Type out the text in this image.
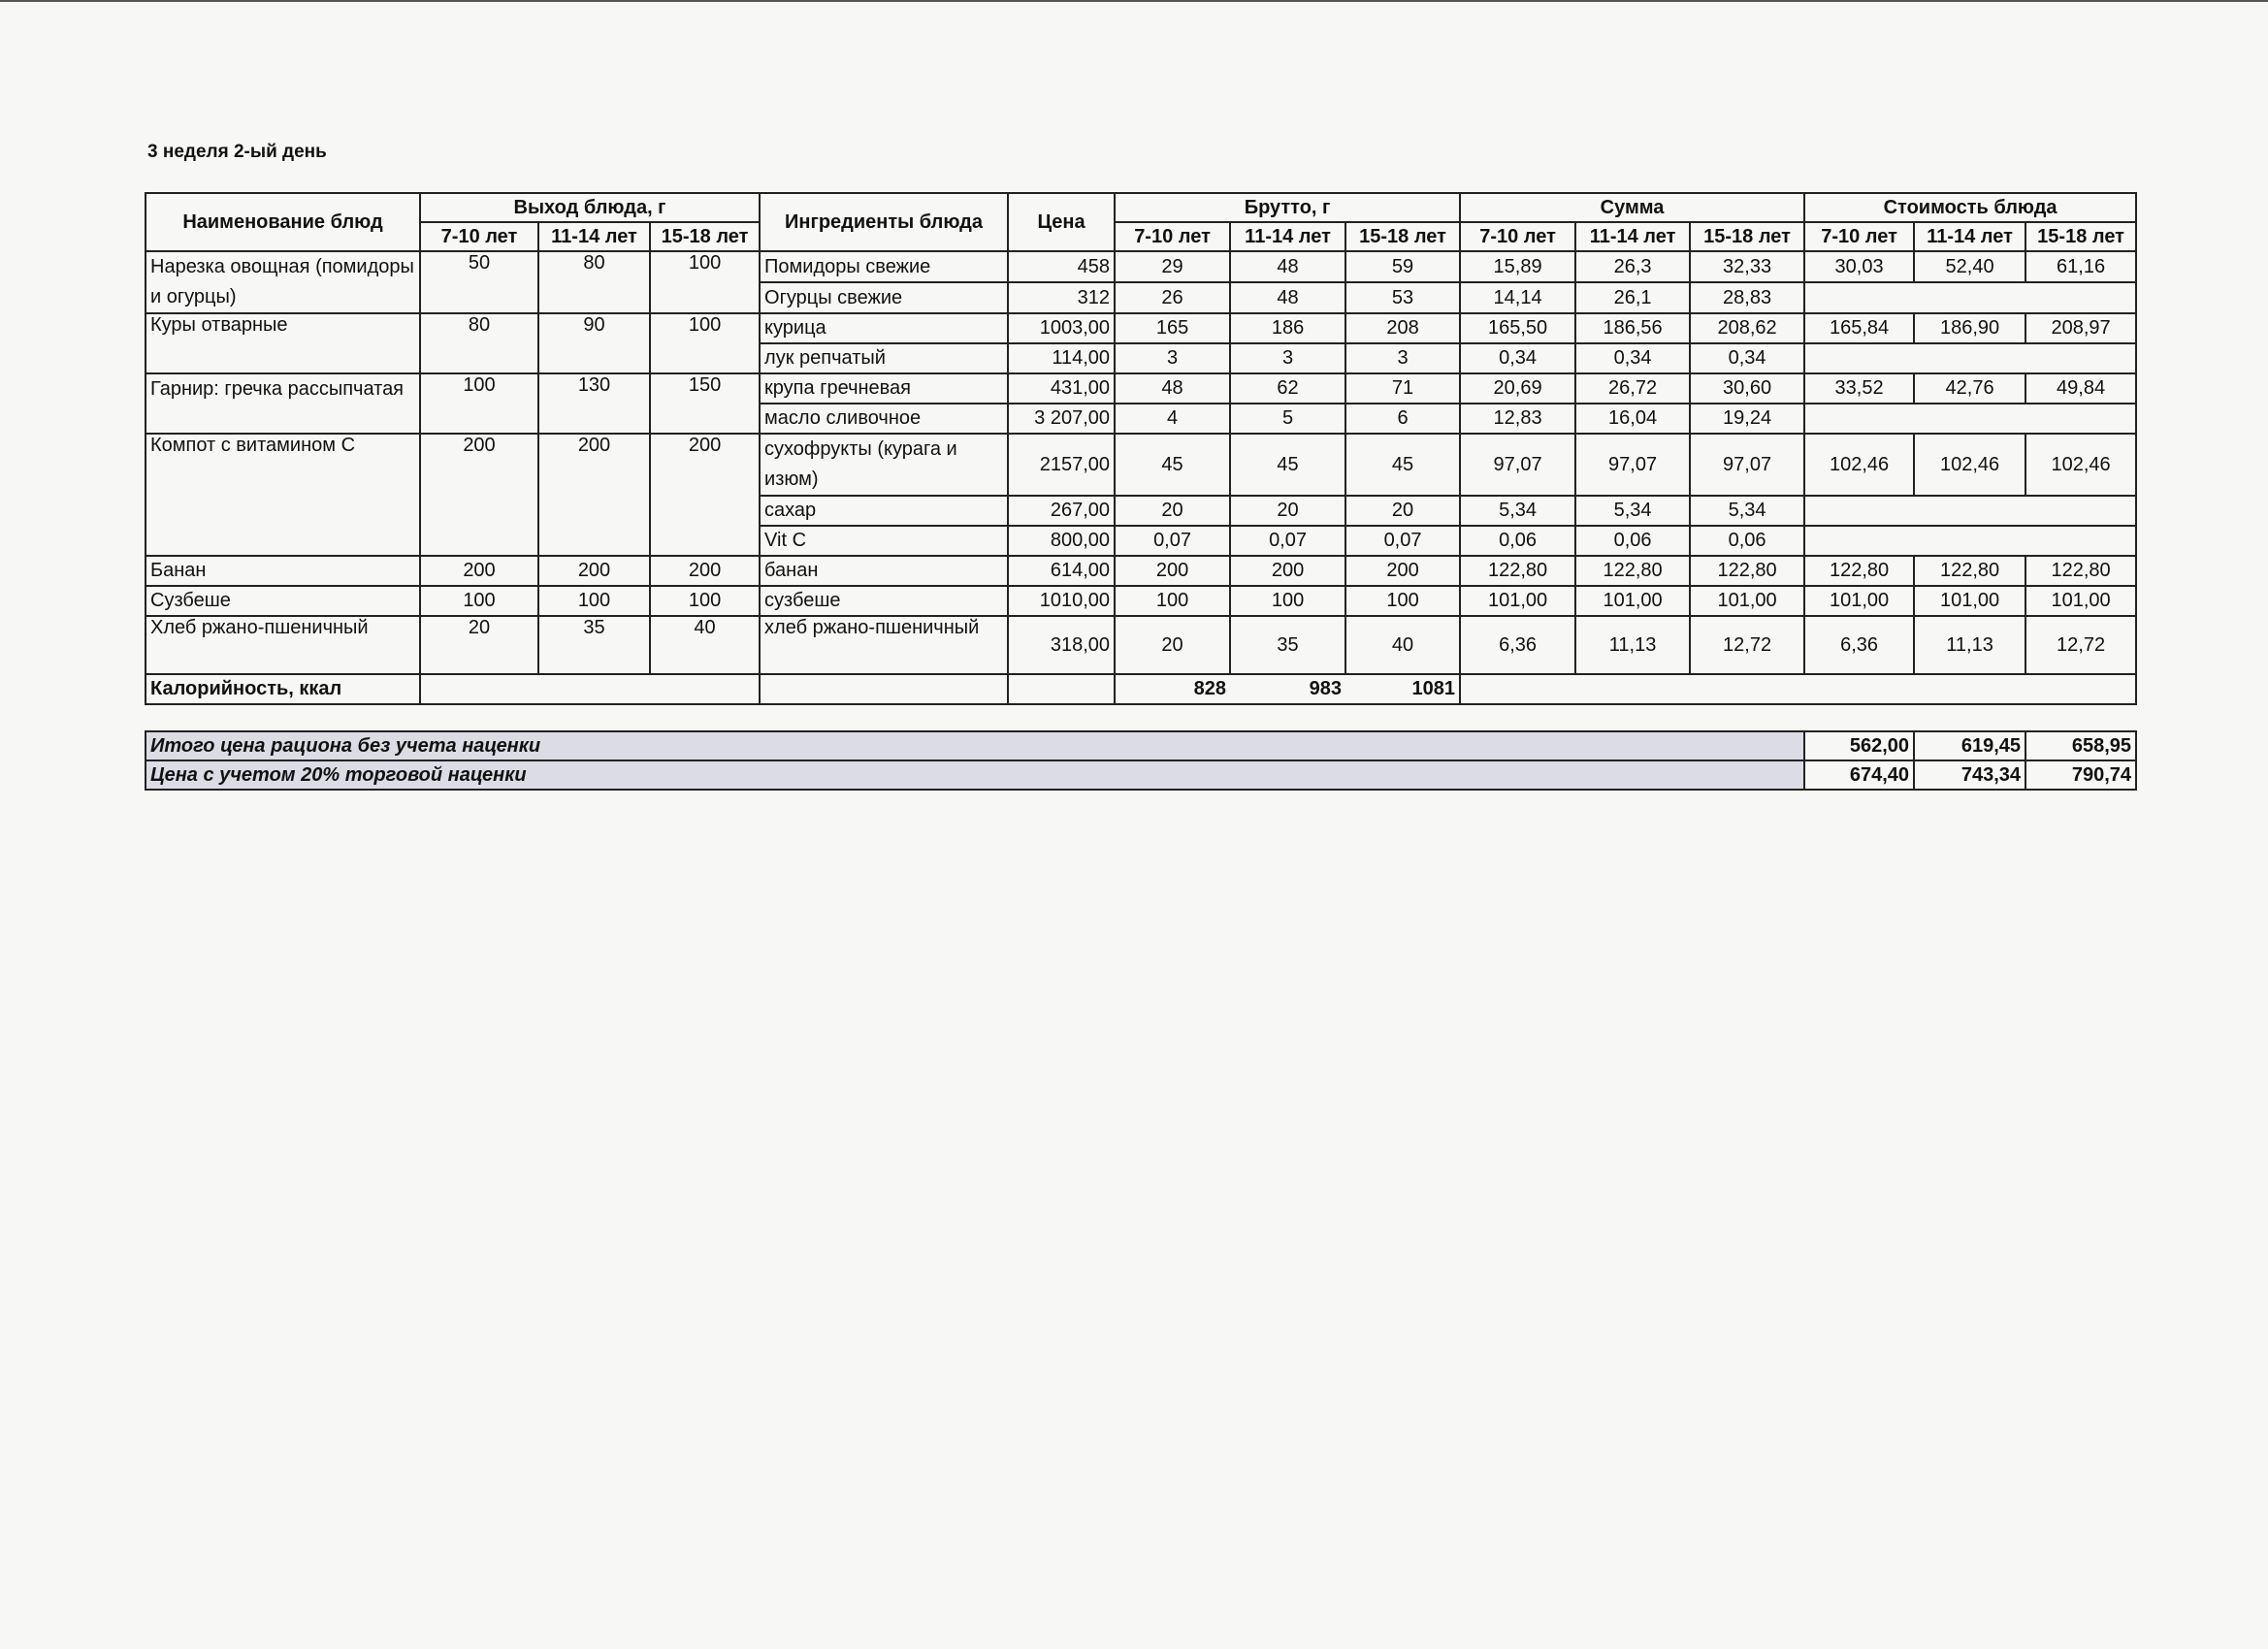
3 неделя 2-ый день
Наименование блюд	Выход блюда, г			Ингредиенты блюда	Цена	Брутто, г			Сумма			Стоимость блюда		
	7-10 лет	11-14 лет	15-18 лет			7-10 лет	11-14 лет	15-18 лет	7-10 лет	11-14 лет	15-18 лет	7-10 лет	11-14 лет	15-18 лет
Нарезка овощная (помидоры и огурцы)	50	80	100	Помидоры свежие	458	29	48	59	15,89	26,3	32,33	30,03	52,40	61,16
				Огурцы свежие	312	26	48	53	14,14	26,1	28,83			
Куры отварные	80	90	100	курица	1003,00	165	186	208	165,50	186,56	208,62	165,84	186,90	208,97
				лук репчатый	114,00	3	3	3	0,34	0,34	0,34			
Гарнир: гречка рассыпчатая	100	130	150	крупа гречневая	431,00	48	62	71	20,69	26,72	30,60	33,52	42,76	49,84
				масло сливочное	3 207,00	4	5	6	12,83	16,04	19,24			
Компот с витамином С	200	200	200	сухофрукты (курага и изюм)	2157,00	45	45	45	97,07	97,07	97,07	102,46	102,46	102,46
				сахар	267,00	20	20	20	5,34	5,34	5,34			
				Vit C	800,00	0,07	0,07	0,07	0,06	0,06	0,06			
Банан	200	200	200	банан	614,00	200	200	200	122,80	122,80	122,80	122,80	122,80	122,80
Сузбеше	100	100	100	сузбеше	1010,00	100	100	100	101,00	101,00	101,00	101,00	101,00	101,00
Хлеб ржано-пшеничный	20	35	40	хлеб ржано-пшеничный	318,00	20	35	40	6,36	11,13	12,72	6,36	11,13	12,72
Калорийность, ккал						828	983	1081						
Итого цена рациона без учета наценки	562,00	619,45	658,95
Цена с учетом 20% торговой наценки	674,40	743,34	790,74
